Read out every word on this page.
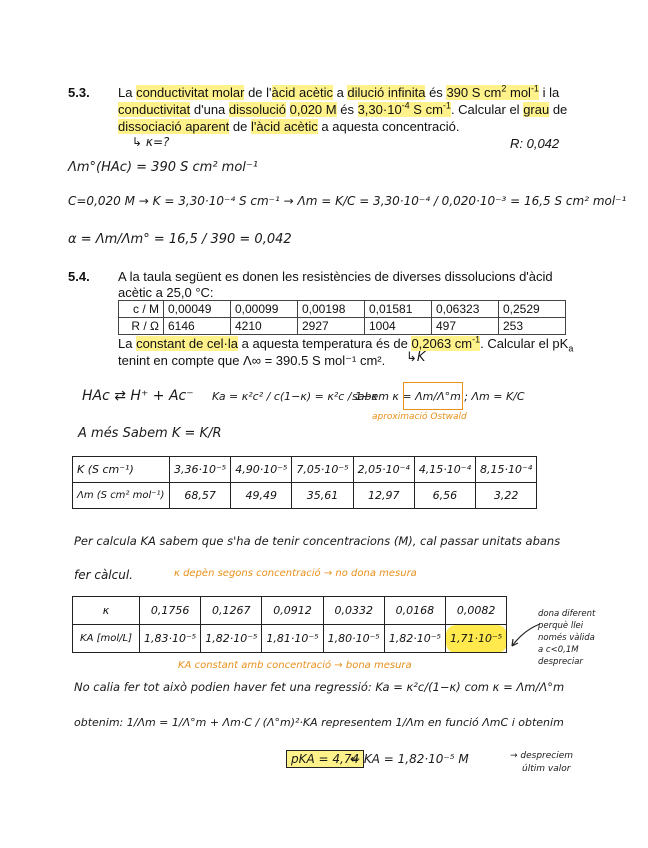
5.3. La conductivitat molar de l'àcid acètic a dilució infinita és 390 S $cm^2$ mol$^{-1}$ i la
conductivitat d'una dissolució 0,020 M és $3,30\cdot 10^{-4}$ S $cm^{-1}$. Calcular el grau de
dissociació aparent de l'àcid acètic a aquesta concentració.
↳ κ=?	R: 0,042
Λm°(HAc) = 390 S cm² mol⁻¹
C=0,020 M → K = 3,30·10⁻⁴ S cm⁻¹ → Λm = K/C = 3,30·10⁻⁴ / 0,020·10⁻³ = 16,5 S cm² mol⁻¹
α = Λm/Λm° = 16,5 / 390 = 0,042
5.4. A la taula següent es donen les resistències de diverses dissolucions d'àcid
acètic a 25,0 °C:
c / M	0,00049	0,00099	0,00198	0,01581	0,06323	0,2529
R / Ω	6146	4210	2927	1004	497	253
La constant de cel·la a aquesta temperatura és de 0,2063 $cm^{-1}$. Calcular el $pK_a$
tenint en compte que Λ∞ = 390.5 S mol⁻¹ cm². ↳K
HAc ⇄ H⁺ + Ac⁻ Ka = κ²c² / c(1−κ) = κ²c / 1−κ
sabem κ = Λm/Λ°m ; Λm = K/C
aproximació Ostwald
A més Sabem K = K/R
K (S cm⁻¹)	3,36·10⁻⁵	4,90·10⁻⁵	7,05·10⁻⁵	2,05·10⁻⁴	4,15·10⁻⁴	8,15·10⁻⁴
Λm (S cm² mol⁻¹)	68,57	49,49	35,61	12,97	6,56	3,22
Per calcula KA sabem que s'ha de tenir concentracions (M), cal passar unitats abans
fer càlcul.	κ depèn segons concentració → no dona mesura
κ	0,1756	0,1267	0,0912	0,0332	0,0168	0,0082
KA [mol/L]	1,83·10⁻⁵	1,82·10⁻⁵	1,81·10⁻⁵	1,80·10⁻⁵	1,82·10⁻⁵	1,71·10⁻⁵
dona diferent
perquè llei
només vàlida
a c<0,1M
despreciar
KA constant amb concentració → bona mesura
No calia fer tot això podien haver fet una regressió: Ka = κ²c/(1−κ) com κ = Λm/Λ°m
obtenim: 1/Λm = 1/Λ°m + Λm·C / (Λ°m)²·KA representem 1/Λm en funció ΛmC i obtenim
pKA = 4,74
← KA = 1,82·10⁻⁵ M	→ despreciem
últim valor
